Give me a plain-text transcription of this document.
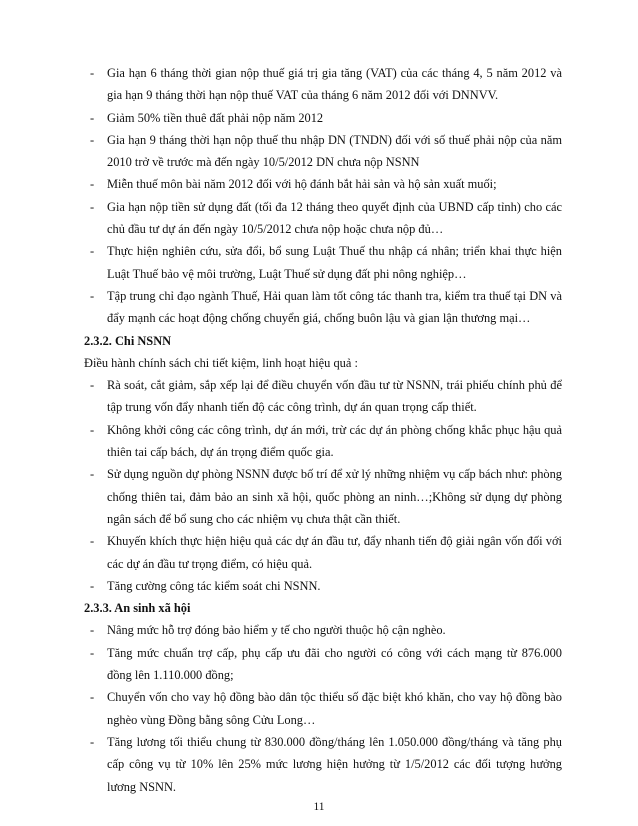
- Gia hạn 6 tháng thời gian nộp thuế giá trị gia tăng (VAT) của các tháng 4, 5 năm 2012 và gia hạn 9 tháng thời hạn nộp thuế VAT của tháng 6 năm 2012 đối với DNNVV.
- Giảm 50% tiền thuê đất phải nộp năm 2012
- Gia hạn 9 tháng thời hạn nộp thuế thu nhập DN (TNDN) đối với số thuế phải nộp của năm 2010 trở về trước mà đến ngày 10/5/2012 DN chưa nộp NSNN
- Miễn thuế môn bài năm 2012 đối với hộ đánh bắt hải sản và hộ sản xuất muối;
- Gia hạn nộp tiền sử dụng đất (tối đa 12 tháng theo quyết định của UBND cấp tỉnh) cho các chủ đầu tư dự án đến ngày 10/5/2012 chưa nộp hoặc chưa nộp đủ…
- Thực hiện nghiên cứu, sửa đổi, bổ sung Luật Thuế thu nhập cá nhân; triển khai thực hiện Luật Thuế bảo vệ môi trường, Luật Thuế sử dụng đất phi nông nghiệp…
- Tập trung chỉ đạo ngành Thuế, Hải quan làm tốt công tác thanh tra, kiểm tra thuế tại DN và đẩy mạnh các hoạt động chống chuyển giá, chống buôn lậu và gian lận thương mại…
2.3.2. Chi NSNN
Điều hành chính sách chi tiết kiệm, linh hoạt hiệu quả :
- Rà soát, cắt giảm, sắp xếp lại để điều chuyển vốn đầu tư từ NSNN, trái phiếu chính phủ để tập trung vốn đẩy nhanh tiến độ các công trình, dự án quan trọng cấp thiết.
- Không khởi công các công trình, dự án mới, trừ các dự án phòng chống khắc phục hậu quả thiên tai cấp bách, dự án trọng điểm quốc gia.
- Sử dụng nguồn dự phòng NSNN được bố trí để xử lý những nhiệm vụ cấp bách như: phòng chống thiên tai, đảm bảo an sinh xã hội, quốc phòng an ninh…;Không sử dụng dự phòng ngân sách để bổ sung cho các nhiệm vụ chưa thật cần thiết.
- Khuyến khích thực hiện hiệu quả các dự án đầu tư, đẩy nhanh tiến độ giải ngân vốn đối với các dự án đầu tư trọng điểm, có hiệu quả.
- Tăng cường công tác kiểm soát chi NSNN.
2.3.3. An sinh xã hội
- Nâng mức hỗ trợ đóng bảo hiểm y tế cho người thuộc hộ cận nghèo.
- Tăng mức chuẩn trợ cấp, phụ cấp ưu đãi cho người có công với cách mạng từ 876.000 đồng lên 1.110.000 đồng;
- Chuyển vốn cho vay hộ đồng bào dân tộc thiểu số đặc biệt khó khăn, cho vay hộ đồng bào nghèo vùng Đồng bằng sông Cửu Long…
- Tăng lương tối thiểu chung từ 830.000 đồng/tháng lên 1.050.000 đồng/tháng và tăng phụ cấp công vụ từ 10% lên 25% mức lương hiện hưởng từ 1/5/2012 các đối tượng hưởng lương NSNN.
11
